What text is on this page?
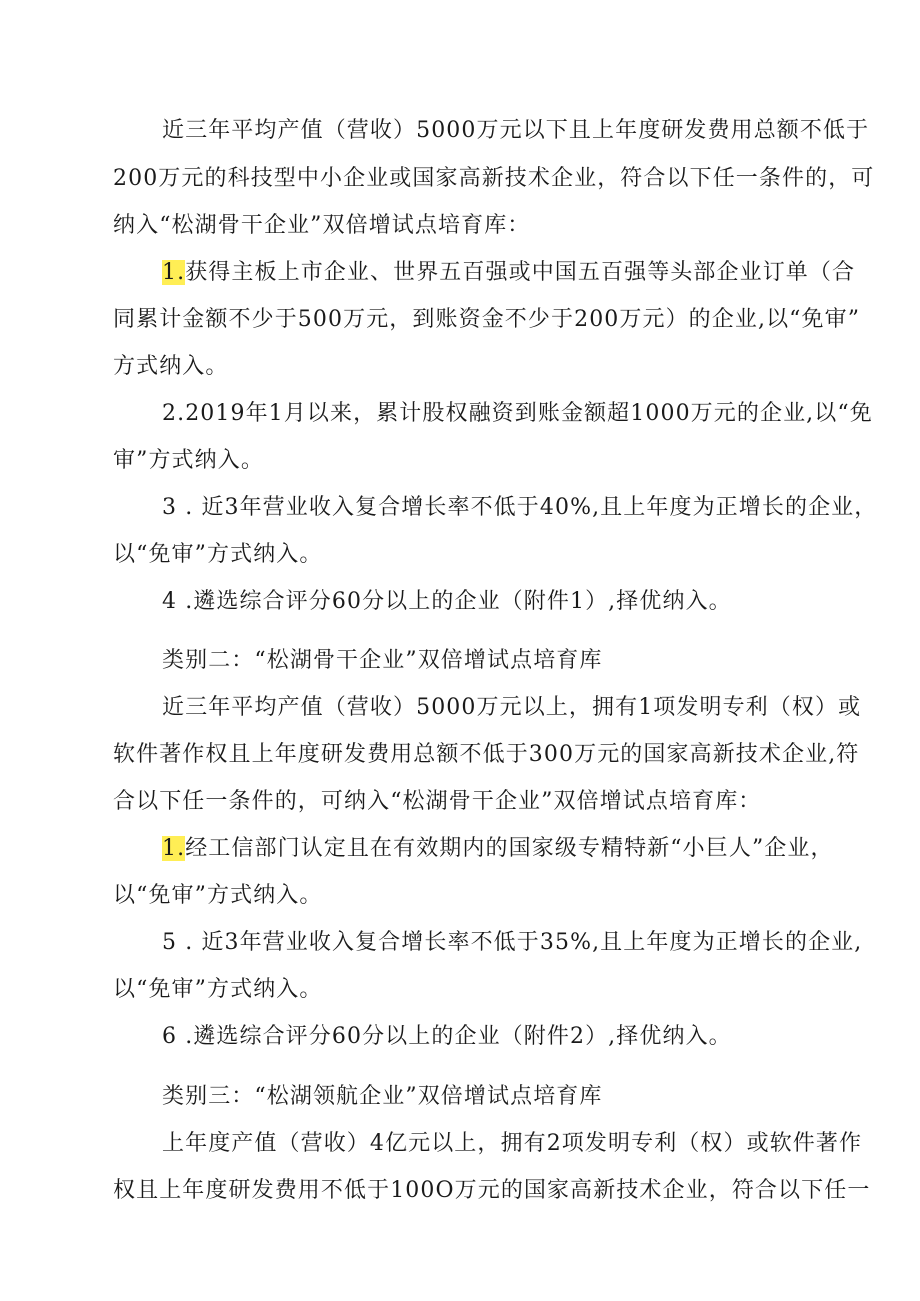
近三年平均产值（营收）5000万元以下且上年度研发费用总额不低于
200万元的科技型中小企业或国家高新技术企业，符合以下任一条件的，可
纳入“松湖骨干企业”双倍增试点培育库：
1.获得主板上市企业、世界五百强或中国五百强等头部企业订单（合
同累计金额不少于500万元，到账资金不少于200万元）的企业,以“免审”
方式纳入。
2.2019年1月以来，累计股权融资到账金额超1000万元的企业,以“免
审”方式纳入。
3 . 近3年营业收入复合增长率不低于40%,且上年度为正增长的企业，
以“免审”方式纳入。
4 .遴选综合评分60分以上的企业（附件1）,择优纳入。
类别二：“松湖骨干企业”双倍增试点培育库
近三年平均产值（营收）5000万元以上，拥有1项发明专利（权）或
软件著作权且上年度研发费用总额不低于300万元的国家高新技术企业,符
合以下任一条件的，可纳入“松湖骨干企业”双倍增试点培育库：
1.经工信部门认定且在有效期内的国家级专精特新“小巨人”企业，
以“免审”方式纳入。
5 . 近3年营业收入复合增长率不低于35%,且上年度为正增长的企业,
以“免审”方式纳入。
6 .遴选综合评分60分以上的企业（附件2）,择优纳入。
类别三：“松湖领航企业”双倍增试点培育库
上年度产值（营收）4亿元以上，拥有2项发明专利（权）或软件著作
权且上年度研发费用不低于100O万元的国家高新技术企业，符合以下任一
